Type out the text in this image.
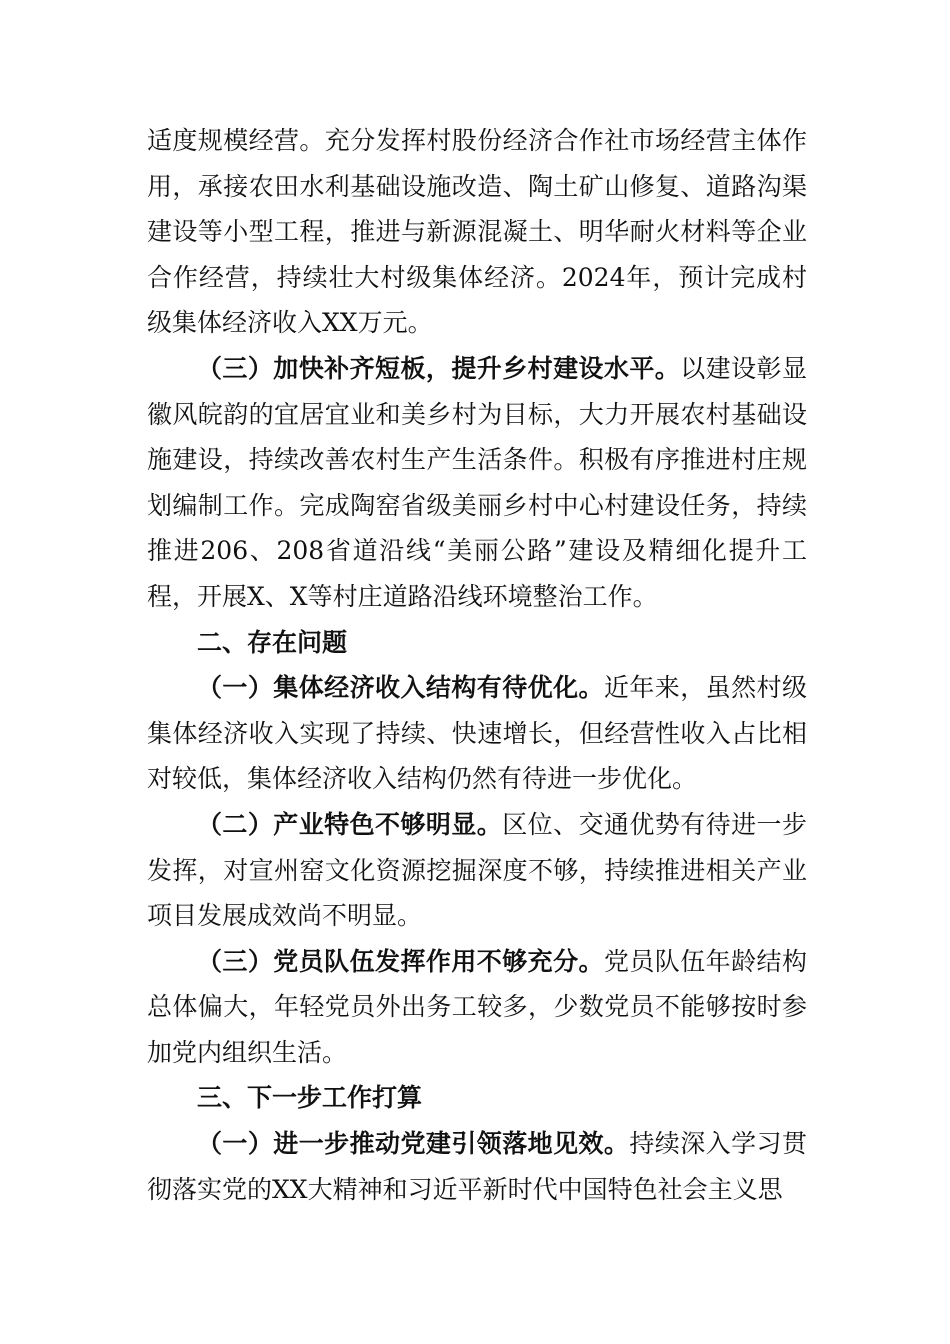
适度规模经营。充分发挥村股份经济合作社市场经营主体作用，承接农田水利基础设施改造、陶土矿山修复、道路沟渠建设等小型工程，推进与新源混凝土、明华耐火材料等企业合作经营，持续壮大村级集体经济。2024年，预计完成村级集体经济收入XX万元。

（三）加快补齐短板，提升乡村建设水平。以建设彰显徽风皖韵的宜居宜业和美乡村为目标，大力开展农村基础设施建设，持续改善农村生产生活条件。积极有序推进村庄规划编制工作。完成陶窑省级美丽乡村中心村建设任务，持续推进206、208省道沿线“美丽公路”建设及精细化提升工程，开展X、X等村庄道路沿线环境整治工作。

二、存在问题

（一）集体经济收入结构有待优化。近年来，虽然村级集体经济收入实现了持续、快速增长，但经营性收入占比相对较低，集体经济收入结构仍然有待进一步优化。

（二）产业特色不够明显。区位、交通优势有待进一步发挥，对宣州窑文化资源挖掘深度不够，持续推进相关产业项目发展成效尚不明显。

（三）党员队伍发挥作用不够充分。党员队伍年龄结构总体偏大，年轻党员外出务工较多，少数党员不能够按时参加党内组织生活。

三、下一步工作打算

（一）进一步推动党建引领落地见效。持续深入学习贯彻落实党的XX大精神和习近平新时代中国特色社会主义思
